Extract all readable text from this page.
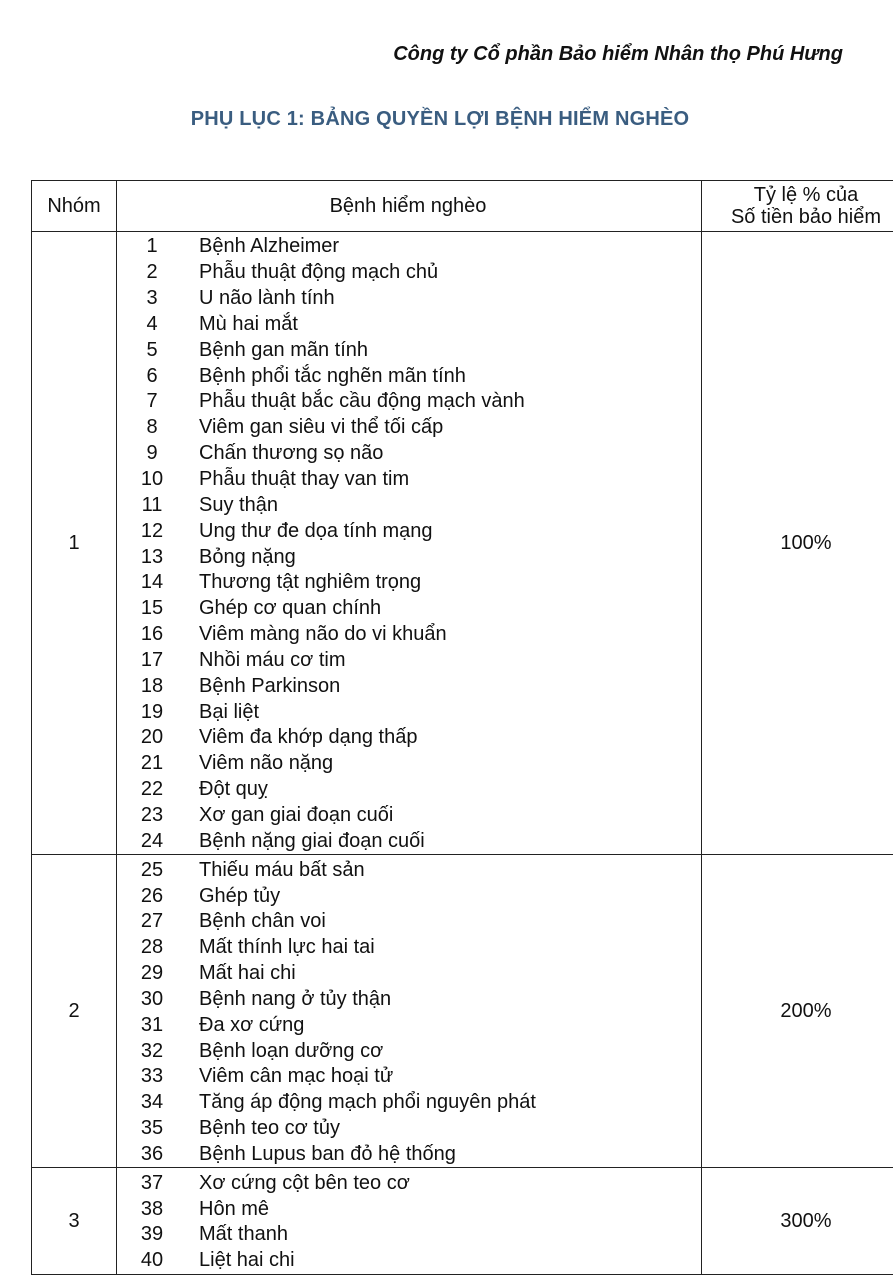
Công ty Cổ phần Bảo hiểm Nhân thọ Phú Hưng
PHỤ LỤC 1: BẢNG QUYỀN LỢI BỆNH HIỂM NGHÈO
Nhóm	Bệnh hiểm nghèo	Tỷ lệ % của
Số tiền bảo hiểm
1	100%
1	Bệnh Alzheimer
2	Phẫu thuật động mạch chủ
3	U não lành tính
4	Mù hai mắt
5	Bệnh gan mãn tính
6	Bệnh phổi tắc nghẽn mãn tính
7	Phẫu thuật bắc cầu động mạch vành
8	Viêm gan siêu vi thể tối cấp
9	Chấn thương sọ não
10	Phẫu thuật thay van tim
11	Suy thận
12	Ung thư đe dọa tính mạng
13	Bỏng nặng
14	Thương tật nghiêm trọng
15	Ghép cơ quan chính
16	Viêm màng não do vi khuẩn
17	Nhồi máu cơ tim
18	Bệnh Parkinson
19	Bại liệt
20	Viêm đa khớp dạng thấp
21	Viêm não nặng
22	Đột quỵ
23	Xơ gan giai đoạn cuối
24	Bệnh nặng giai đoạn cuối
2	200%
25	Thiếu máu bất sản
26	Ghép tủy
27	Bệnh chân voi
28	Mất thính lực hai tai
29	Mất hai chi
30	Bệnh nang ở tủy thận
31	Đa xơ cứng
32	Bệnh loạn dưỡng cơ
33	Viêm cân mạc hoại tử
34	Tăng áp động mạch phổi nguyên phát
35	Bệnh teo cơ tủy
36	Bệnh Lupus ban đỏ hệ thống
3	300%
37	Xơ cứng cột bên teo cơ
38	Hôn mê
39	Mất thanh
40	Liệt hai chi
